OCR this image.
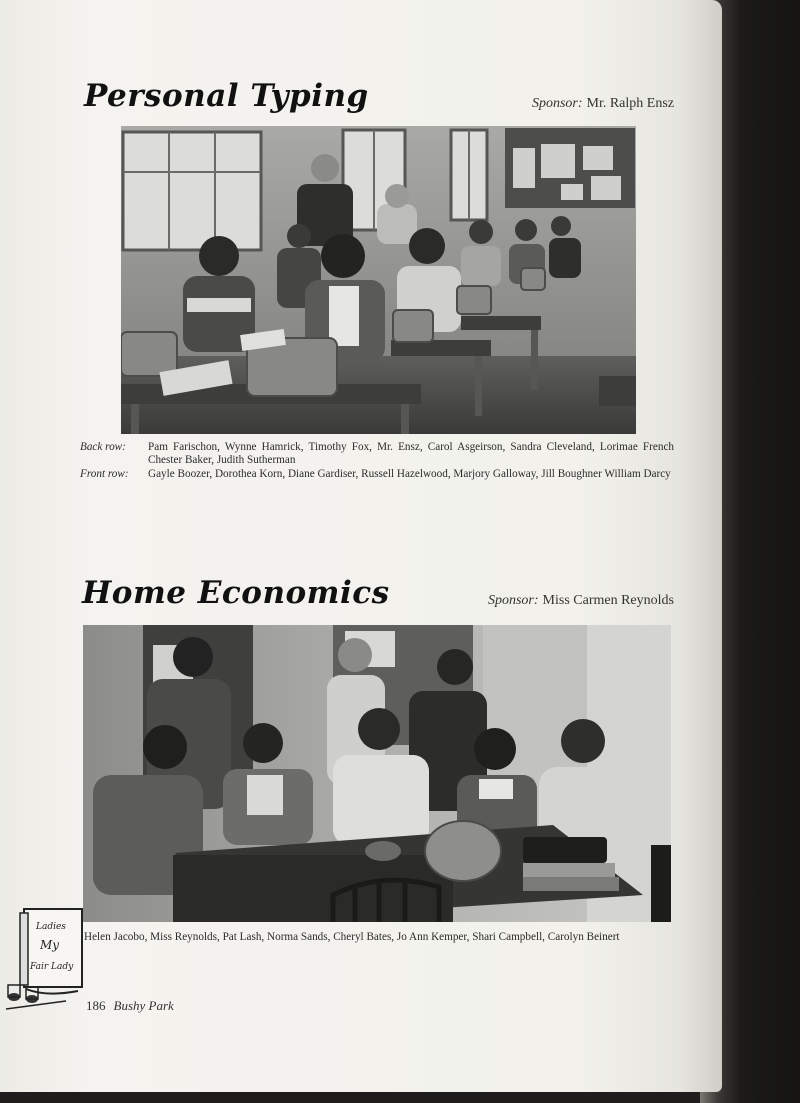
Personal Typing	Sponsor: Mr. Ralph Ensz
Back row:	Pam Farischon, Wynne Hamrick, Timothy Fox, Mr. Ensz, Carol Asgeirson, Sandra Cleveland, Lorimae French Chester Baker, Judith Sutherman
Front row:	Gayle Boozer, Dorothea Korn, Diane Gardiser, Russell Hazelwood, Marjory Galloway, Jill Boughner William Darcy
Home Economics	Sponsor: Miss Carmen Reynolds
Helen Jacobo, Miss Reynolds, Pat Lash, Norma Sands, Cheryl Bates, Jo Ann Kemper, Shari Campbell, Carolyn Beinert
Ladies
My
Fair Lady
186 Bushy Park
